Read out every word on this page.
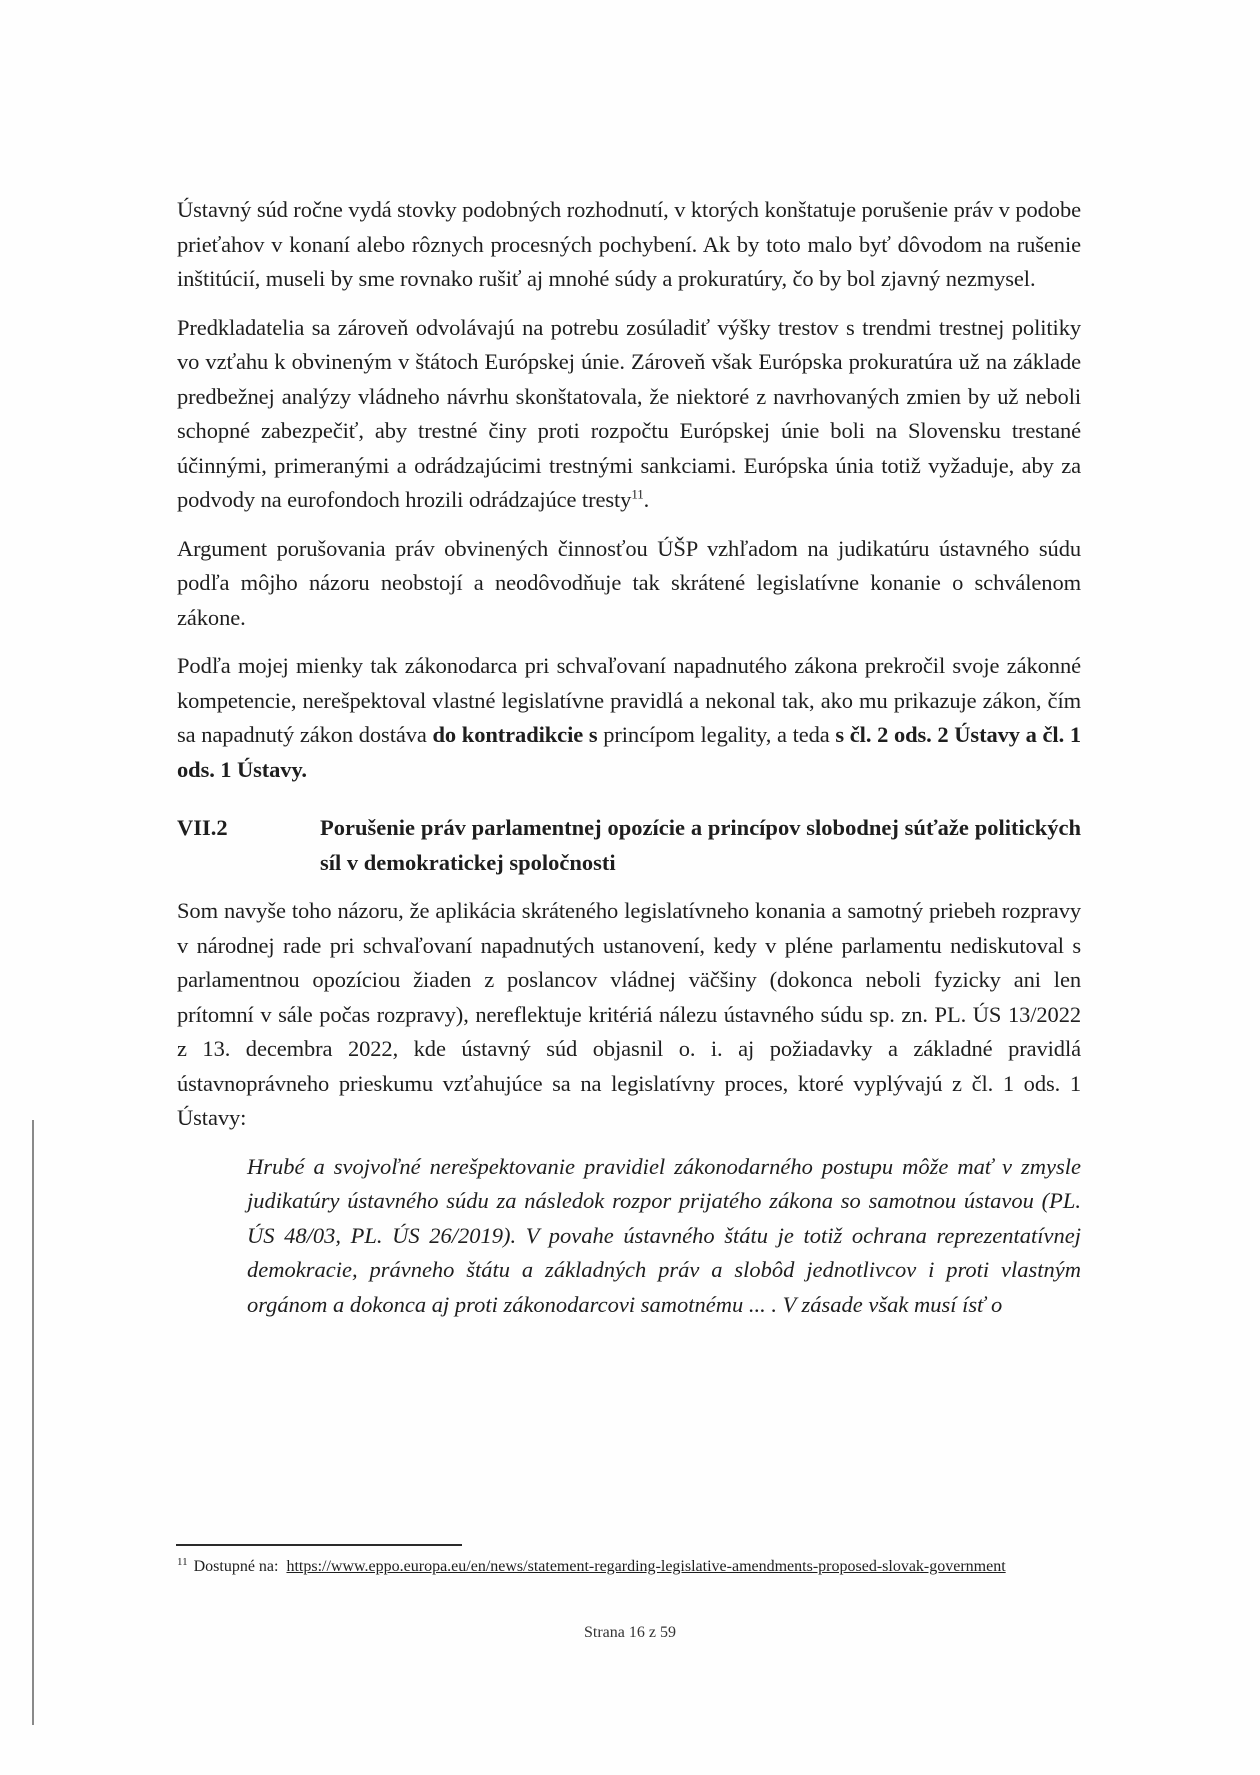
Ústavný súd ročne vydá stovky podobných rozhodnutí, v ktorých konštatuje porušenie práv v podobe prieťahov v konaní alebo rôznych procesných pochybení. Ak by toto malo byť dôvodom na rušenie inštitúcií, museli by sme rovnako rušiť aj mnohé súdy a prokuratúry, čo by bol zjavný nezmysel.

Predkladatelia sa zároveň odvolávajú na potrebu zosúladiť výšky trestov s trendmi trestnej politiky vo vzťahu k obvineným v štátoch Európskej únie. Zároveň však Európska prokuratúra už na základe predbežnej analýzy vládneho návrhu skonštatovala, že niektoré z navrhovaných zmien by už neboli schopné zabezpečiť, aby trestné činy proti rozpočtu Európskej únie boli na Slovensku trestané účinnými, primeranými a odrádzajúcimi trestnými sankciami. Európska únia totiž vyžaduje, aby za podvody na eurofondoch hrozili odrádzajúce tresty$^{11}$.

Argument porušovania práv obvinených činnosťou ÚŠP vzhľadom na judikatúru ústavného súdu podľa môjho názoru neobstojí a neodôvodňuje tak skrátené legislatívne konanie o schválenom zákone.

Podľa mojej mienky tak zákonodarca pri schvaľovaní napadnutého zákona prekročil svoje zákonné kompetencie, nerešpektoval vlastné legislatívne pravidlá a nekonal tak, ako mu prikazuje zákon, čím sa napadnutý zákon dostáva do kontradikcie s princípom legality, a teda s čl. 2 ods. 2 Ústavy a čl. 1 ods. 1 Ústavy.

VII.2	Porušenie práv parlamentnej opozície a princípov slobodnej súťaže politických síl v demokratickej spoločnosti

Som navyše toho názoru, že aplikácia skráteného legislatívneho konania a samotný priebeh rozpravy v národnej rade pri schvaľovaní napadnutých ustanovení, kedy v pléne parlamentu nediskutoval s parlamentnou opozíciou žiaden z poslancov vládnej väčšiny (dokonca neboli fyzicky ani len prítomní v sále počas rozpravy), nereflektuje kritériá nálezu ústavného súdu sp. zn. PL. ÚS 13/2022 z 13. decembra 2022, kde ústavný súd objasnil o. i. aj požiadavky a základné pravidlá ústavnoprávneho prieskumu vzťahujúce sa na legislatívny proces, ktoré vyplývajú z čl. 1 ods. 1 Ústavy:

Hrubé a svojvoľné nerešpektovanie pravidiel zákonodarného postupu môže mať v zmysle judikatúry ústavného súdu za následok rozpor prijatého zákona so samotnou ústavou (PL. ÚS 48/03, PL. ÚS 26/2019). V povahe ústavného štátu je totiž ochrana reprezentatívnej demokracie, právneho štátu a základných práv a slobôd jednotlivcov i proti vlastným orgánom a dokonca aj proti zákonodarcovi samotnému ... . V zásade však musí ísť o
$^{11}$ Dostupné na: https://www.eppo.europa.eu/en/news/statement-regarding-legislative-amendments-proposed-slovak-government
Strana 16 z 59
